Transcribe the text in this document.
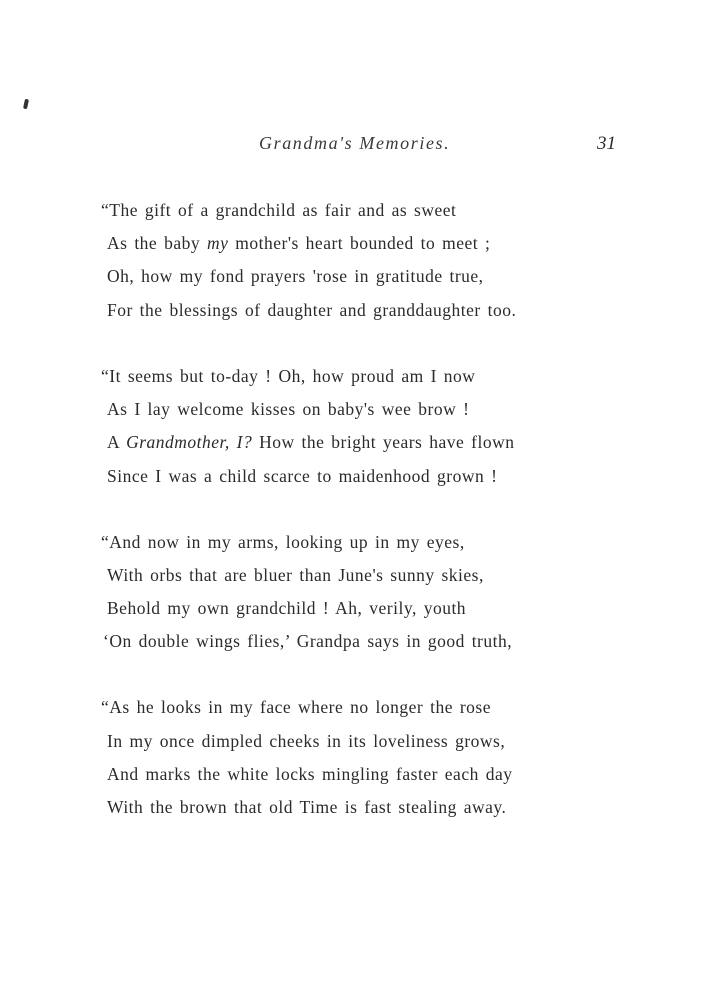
Grandma's Memories.	31
“The gift of a grandchild as fair and as sweet
As the baby my mother's heart bounded to meet ;
Oh, how my fond prayers 'rose in gratitude true,
For the blessings of daughter and granddaughter too.
“It seems but to-day ! Oh, how proud am I now
As I lay welcome kisses on baby's wee brow !
A Grandmother, I? How the bright years have flown
Since I was a child scarce to maidenhood grown !
“And now in my arms, looking up in my eyes,
With orbs that are bluer than June's sunny skies,
Behold my own grandchild ! Ah, verily, youth
‘On double wings flies,’ Grandpa says in good truth,
“As he looks in my face where no longer the rose
In my once dimpled cheeks in its loveliness grows,
And marks the white locks mingling faster each day
With the brown that old Time is fast stealing away.
